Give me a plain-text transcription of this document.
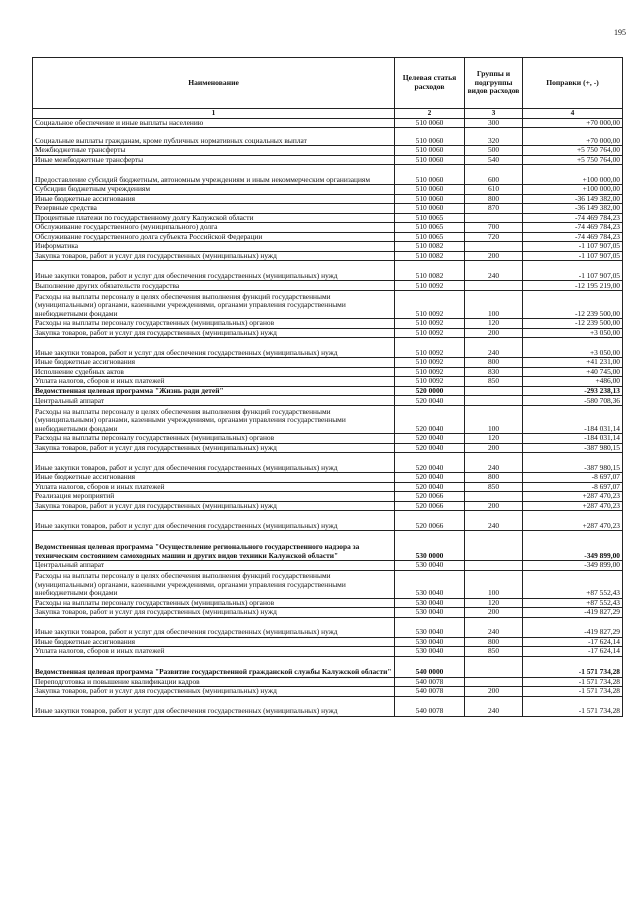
195
Наименование	Целевая статья расходов	Группы и подгруппы видов расходов	Поправки (+, -)
1	2	3	4
Социальное обеспечение и иные выплаты населению	510 0060	300	+70 000,00
Социальные выплаты гражданам, кроме публичных нормативных социальных выплат	510 0060	320	+70 000,00
Межбюджетные трансферты	510 0060	500	+5 750 764,00
Иные межбюджетные трансферты	510 0060	540	+5 750 764,00
Предоставление субсидий бюджетным, автономным учреждениям и иным некоммерческим организациям	510 0060	600	+100 000,00
Субсидии бюджетным учреждениям	510 0060	610	+100 000,00
Иные бюджетные ассигнования	510 0060	800	-36 149 382,00
Резервные средства	510 0060	870	-36 149 382,00
Процентные платежи по государственному долгу Калужской области	510 0065		-74 469 784,23
Обслуживание государственного (муниципального) долга	510 0065	700	-74 469 784,23
Обслуживание государственного долга субъекта Российской Федерации	510 0065	720	-74 469 784,23
Информатика	510 0082		-1 107 907,05
Закупка товаров, работ и услуг для государственных (муниципальных) нужд	510 0082	200	-1 107 907,05
Иные закупки товаров, работ и услуг для обеспечения государственных (муниципальных) нужд	510 0082	240	-1 107 907,05
Выполнение других обязательств государства	510 0092		-12 195 219,00
Расходы на выплаты персоналу в целях обеспечения выполнения функций государственными (муниципальными) органами, казенными учреждениями, органами управления государственными внебюджетными фондами	510 0092	100	-12 239 500,00
Расходы на выплаты персоналу государственных (муниципальных) органов	510 0092	120	-12 239 500,00
Закупка товаров, работ и услуг для государственных (муниципальных) нужд	510 0092	200	+3 050,00
Иные закупки товаров, работ и услуг для обеспечения государственных (муниципальных) нужд	510 0092	240	+3 050,00
Иные бюджетные ассигнования	510 0092	800	+41 231,00
Исполнение судебных актов	510 0092	830	+40 745,00
Уплата налогов, сборов и иных платежей	510 0092	850	+486,00
Ведомственная целевая программа "Жизнь ради детей"	520 0000		-293 238,13
Центральный аппарат	520 0040		-580 708,36
Расходы на выплаты персоналу в целях обеспечения выполнения функций государственными (муниципальными) органами, казенными учреждениями, органами управления государственными внебюджетными фондами	520 0040	100	-184 031,14
Расходы на выплаты персоналу государственных (муниципальных) органов	520 0040	120	-184 031,14
Закупка товаров, работ и услуг для государственных (муниципальных) нужд	520 0040	200	-387 980,15
Иные закупки товаров, работ и услуг для обеспечения государственных (муниципальных) нужд	520 0040	240	-387 980,15
Иные бюджетные ассигнования	520 0040	800	-8 697,07
Уплата налогов, сборов и иных платежей	520 0040	850	-8 697,07
Реализация мероприятий	520 0066		+287 470,23
Закупка товаров, работ и услуг для государственных (муниципальных) нужд	520 0066	200	+287 470,23
Иные закупки товаров, работ и услуг для обеспечения государственных (муниципальных) нужд	520 0066	240	+287 470,23
Ведомственная целевая программа "Осуществление регионального государственного надзора за техническим состоянием самоходных машин и других видов техники Калужской области"	530 0000		-349 899,00
Центральный аппарат	530 0040		-349 899,00
Расходы на выплаты персоналу в целях обеспечения выполнения функций государственными (муниципальными) органами, казенными учреждениями, органами управления государственными внебюджетными фондами	530 0040	100	+87 552,43
Расходы на выплаты персоналу государственных (муниципальных) органов	530 0040	120	+87 552,43
Закупка товаров, работ и услуг для государственных (муниципальных) нужд	530 0040	200	-419 827,29
Иные закупки товаров, работ и услуг для обеспечения государственных (муниципальных) нужд	530 0040	240	-419 827,29
Иные бюджетные ассигнования	530 0040	800	-17 624,14
Уплата налогов, сборов и иных платежей	530 0040	850	-17 624,14
Ведомственная целевая программа "Развитие государственной гражданской службы Калужской области"	540 0000		-1 571 734,28
Переподготовка и повышение квалификации кадров	540 0078		-1 571 734,28
Закупка товаров, работ и услуг для государственных (муниципальных) нужд	540 0078	200	-1 571 734,28
Иные закупки товаров, работ и услуг для обеспечения государственных (муниципальных) нужд	540 0078	240	-1 571 734,28
